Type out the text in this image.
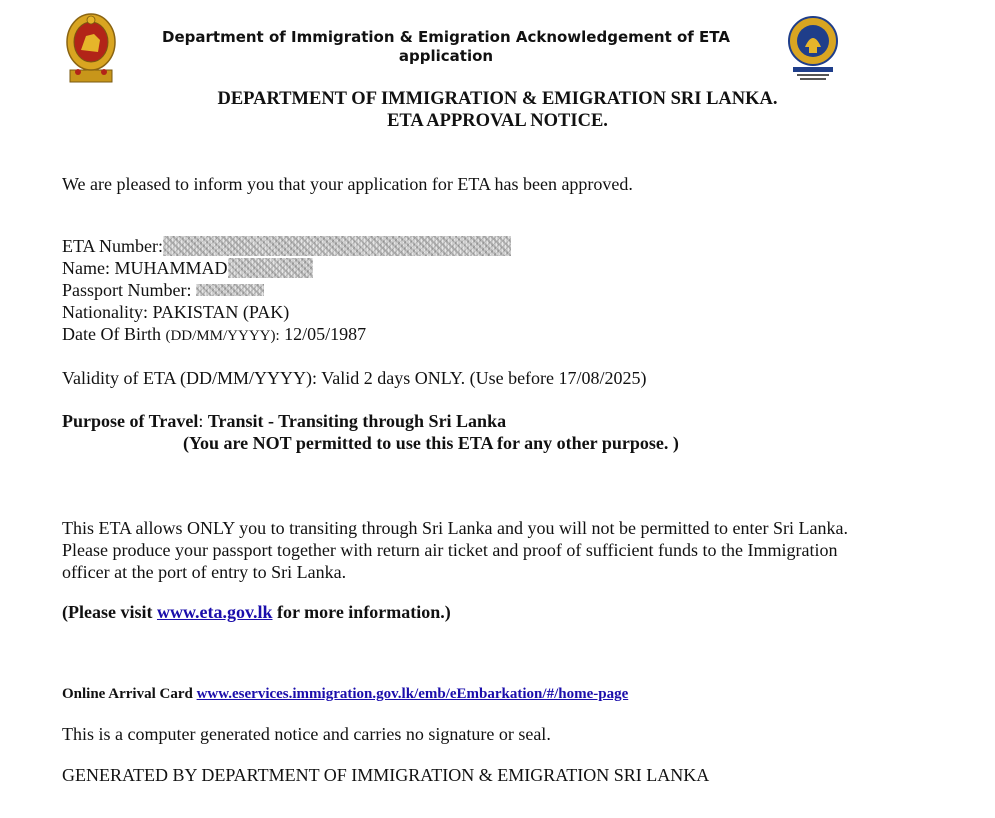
Department of Immigration & Emigration Acknowledgement of ETA application
DEPARTMENT OF IMMIGRATION & EMIGRATION SRI LANKA.
ETA APPROVAL NOTICE.
We are pleased to inform you that your application for ETA has been approved.
ETA Number:
Name: MUHAMMAD
Passport Number:
Nationality: PAKISTAN (PAK)
Date Of Birth (DD/MM/YYYY): 12/05/1987
Validity of ETA (DD/MM/YYYY): Valid 2 days ONLY. (Use before 17/08/2025)
Purpose of Travel: Transit - Transiting through Sri Lanka
(You are NOT permitted to use this ETA for any other purpose. )
This ETA allows ONLY you to transiting through Sri Lanka and you will not be permitted to enter Sri Lanka.
Please produce your passport together with return air ticket and proof of sufficient funds to the Immigration
officer at the port of entry to Sri Lanka.
(Please visit www.eta.gov.lk for more information.)
Online Arrival Card www.eservices.immigration.gov.lk/emb/eEmbarkation/#/home-page
This is a computer generated notice and carries no signature or seal.
GENERATED BY DEPARTMENT OF IMMIGRATION & EMIGRATION SRI LANKA
